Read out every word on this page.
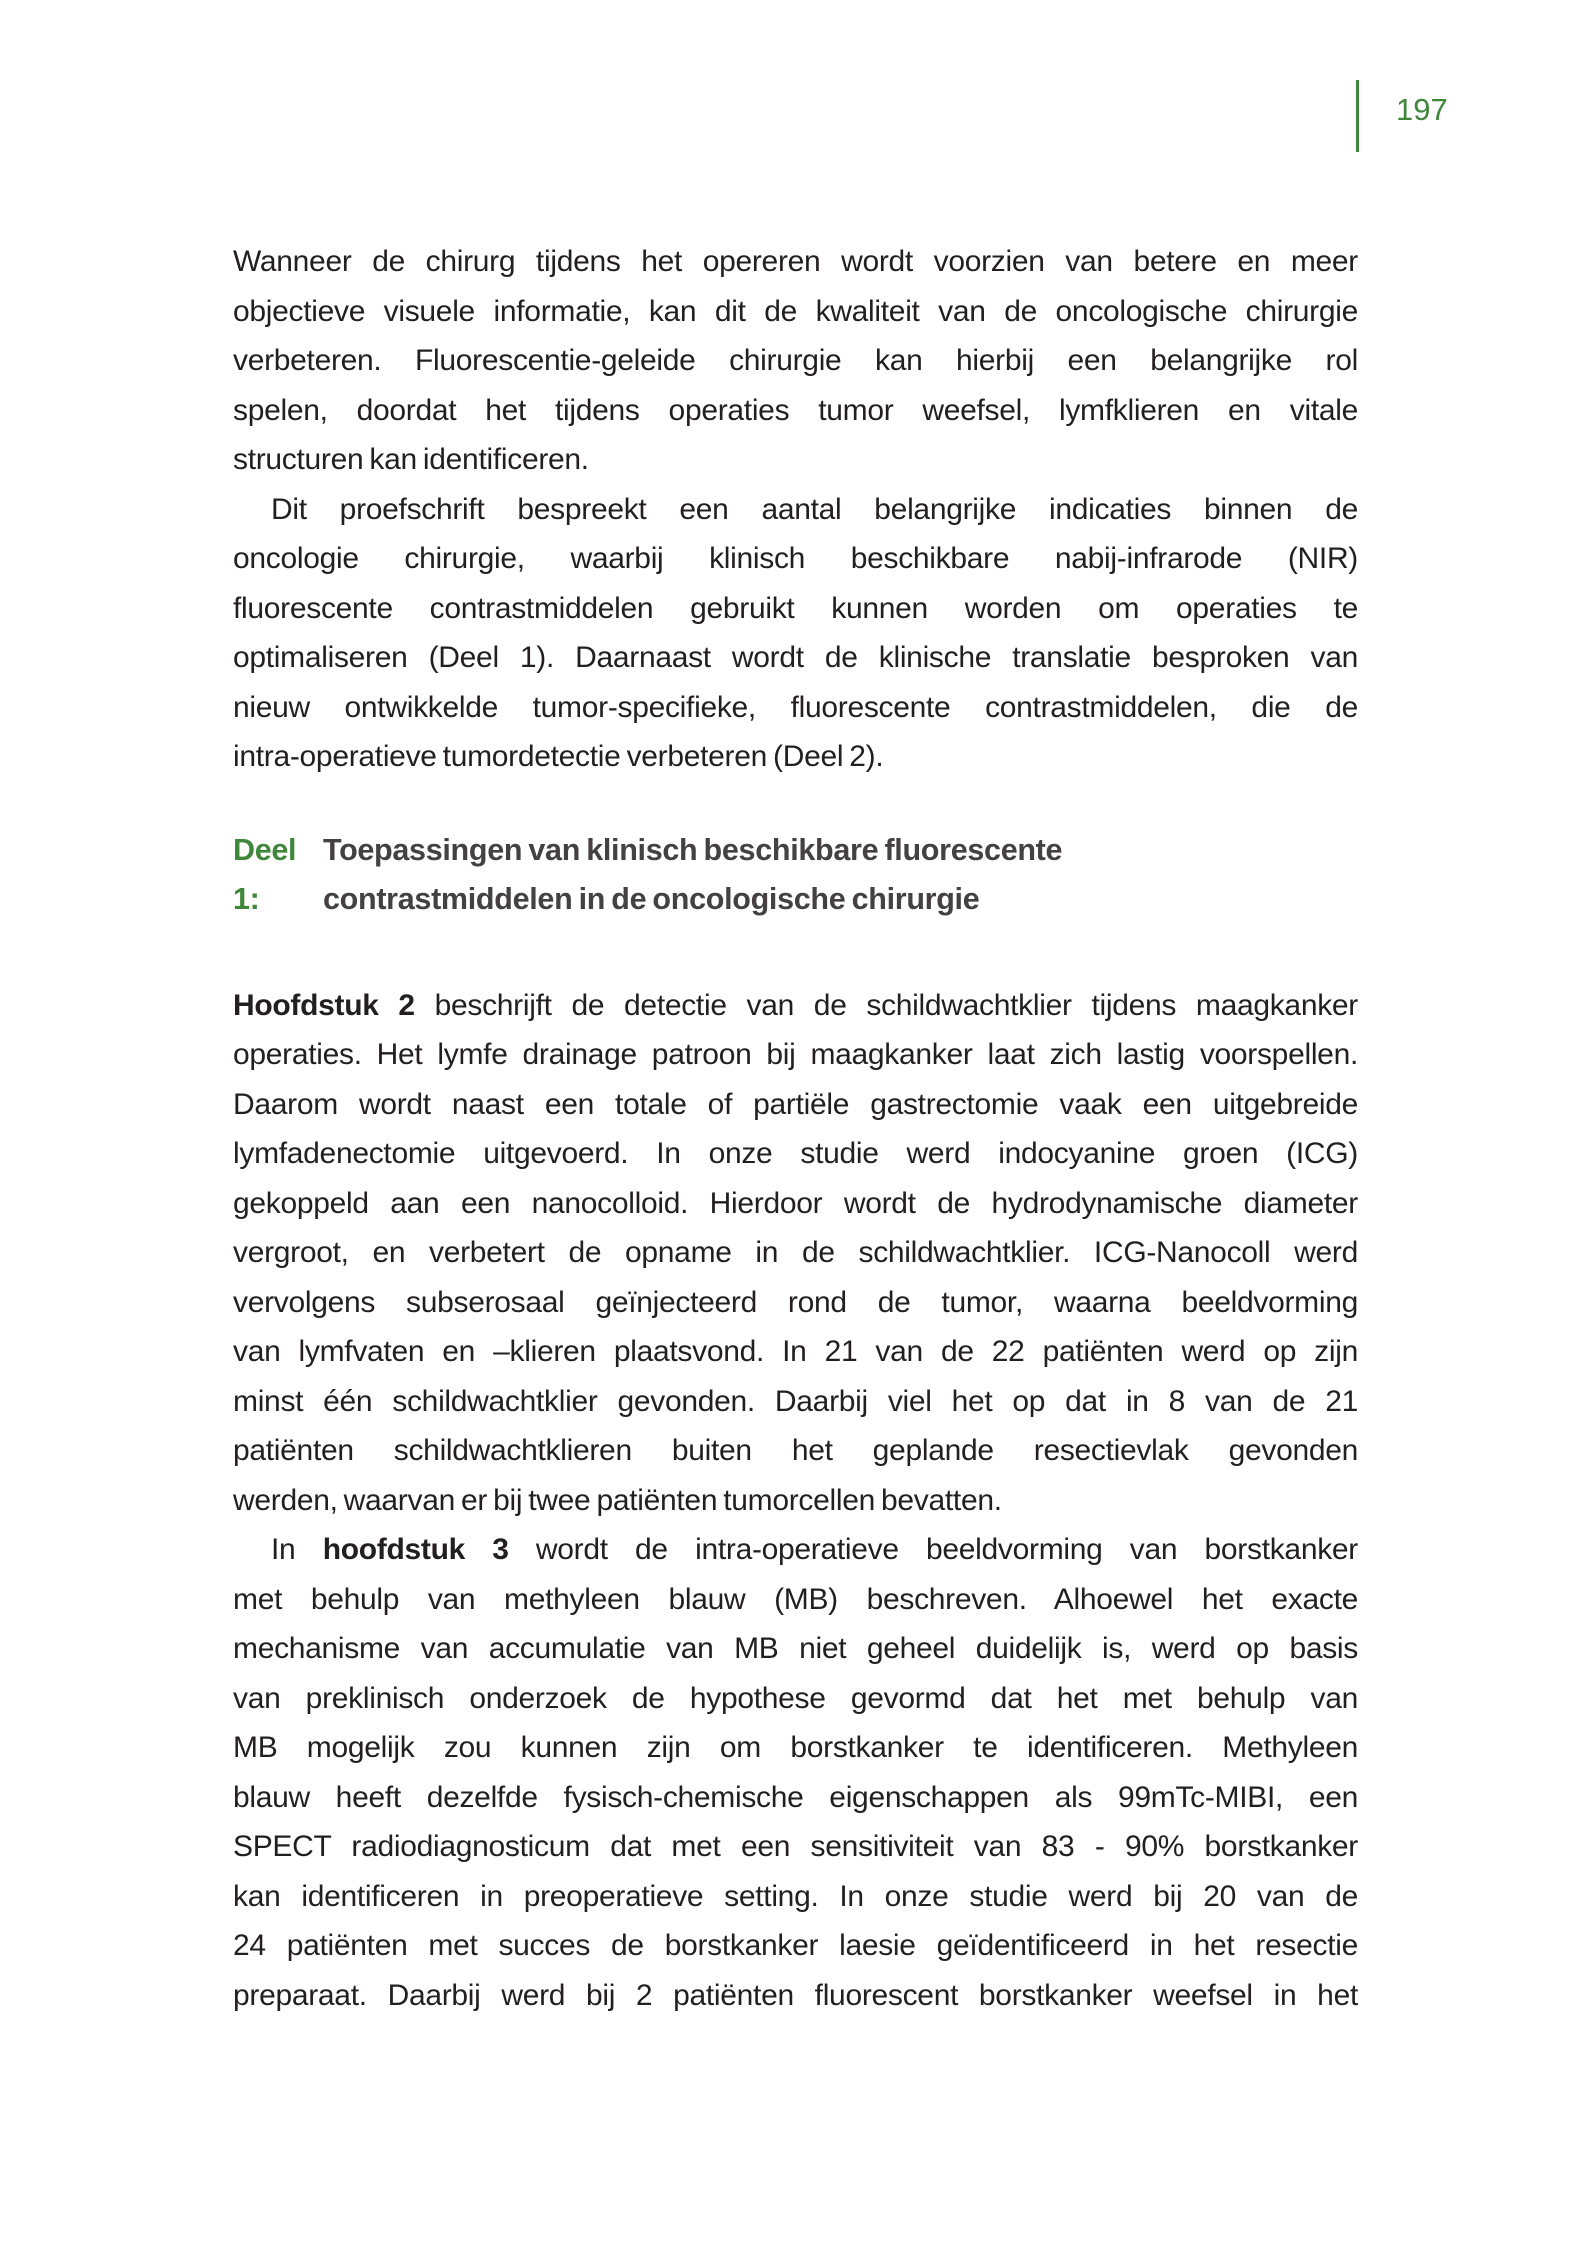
197
Wanneer de chirurg tijdens het opereren wordt voorzien van betere en meer
objectieve visuele informatie, kan dit de kwaliteit van de oncologische chirurgie
verbeteren. Fluorescentie-geleide chirurgie kan hierbij een belangrijke rol
spelen, doordat het tijdens operaties tumor weefsel, lymfklieren en vitale
structuren kan identificeren.
Dit proefschrift bespreekt een aantal belangrijke indicaties binnen de
oncologie chirurgie, waarbij klinisch beschikbare nabij-infrarode (NIR)
fluorescente contrastmiddelen gebruikt kunnen worden om operaties te
optimaliseren (Deel 1). Daarnaast wordt de klinische translatie besproken van
nieuw ontwikkelde tumor-specifieke, fluorescente contrastmiddelen, die de
intra-operatieve tumordetectie verbeteren (Deel 2).
Deel 1:
Toepassingen van klinisch beschikbare fluorescente
contrastmiddelen in de oncologische chirurgie
Hoofdstuk 2 beschrijft de detectie van de schildwachtklier tijdens maagkanker
operaties. Het lymfe drainage patroon bij maagkanker laat zich lastig voorspellen.
Daarom wordt naast een totale of partiële gastrectomie vaak een uitgebreide
lymfadenectomie uitgevoerd. In onze studie werd indocyanine groen (ICG)
gekoppeld aan een nanocolloid. Hierdoor wordt de hydrodynamische diameter
vergroot, en verbetert de opname in de schildwachtklier. ICG-Nanocoll werd
vervolgens subserosaal geïnjecteerd rond de tumor, waarna beeldvorming
van lymfvaten en –klieren plaatsvond. In 21 van de 22 patiënten werd op zijn
minst één schildwachtklier gevonden. Daarbij viel het op dat in 8 van de 21
patiënten schildwachtklieren buiten het geplande resectievlak gevonden
werden, waarvan er bij twee patiënten tumorcellen bevatten.
In hoofdstuk 3 wordt de intra-operatieve beeldvorming van borstkanker
met behulp van methyleen blauw (MB) beschreven. Alhoewel het exacte
mechanisme van accumulatie van MB niet geheel duidelijk is, werd op basis
van preklinisch onderzoek de hypothese gevormd dat het met behulp van
MB mogelijk zou kunnen zijn om borstkanker te identificeren. Methyleen
blauw heeft dezelfde fysisch-chemische eigenschappen als 99mTc-MIBI, een
SPECT radiodiagnosticum dat met een sensitiviteit van 83 - 90% borstkanker
kan identificeren in preoperatieve setting. In onze studie werd bij 20 van de
24 patiënten met succes de borstkanker laesie geïdentificeerd in het resectie
preparaat. Daarbij werd bij 2 patiënten fluorescent borstkanker weefsel in het
